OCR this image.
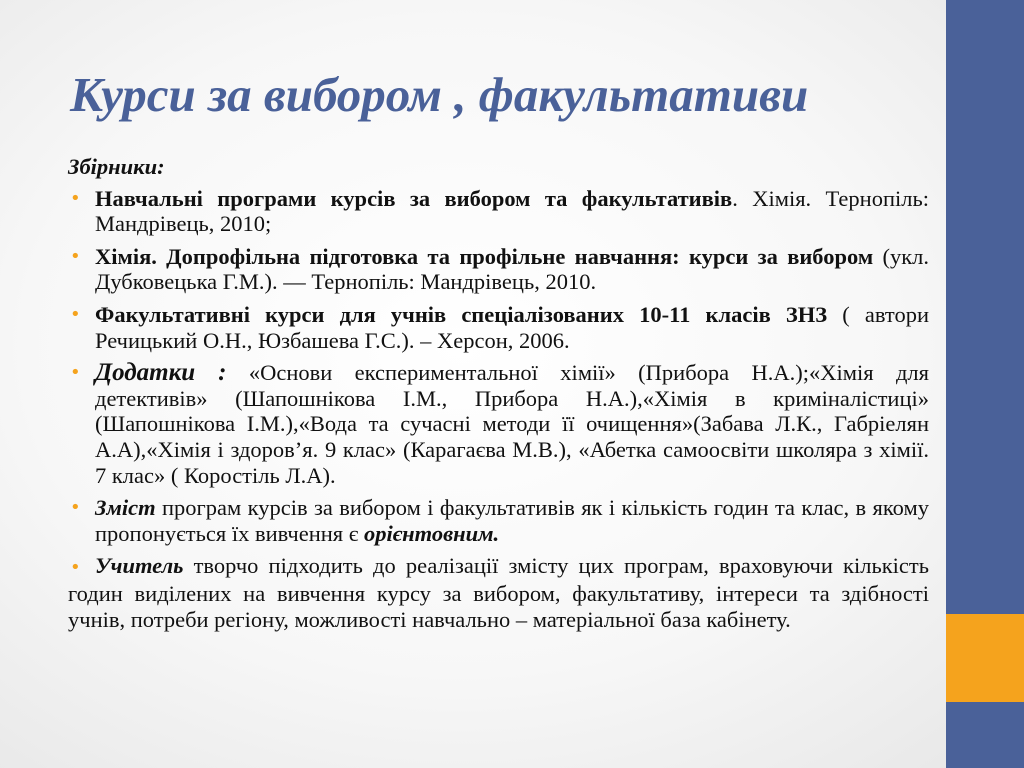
Курси за вибором , факультативи

Збірники:

• Навчальні програми курсів за вибором та факультативів. Хімія. Тернопіль: Мандрівець, 2010;

• Хімія. Допрофільна підготовка та профільне навчання: курси за вибором (укл. Дубковецька Г.М.). — Тернопіль: Мандрівець, 2010.

• Факультативні курси для учнів спеціалізованих 10-11 класів ЗНЗ ( автори Речицький О.Н., Юзбашева Г.С.). – Херсон, 2006.

• Додатки : «Основи експериментальної хімії» (Прибора Н.А.);«Хімія для детективів» (Шапошнікова І.М., Прибора Н.А.),«Хімія в криміналістиці» (Шапошнікова І.М.),«Вода та сучасні методи її очищення»(Забава Л.К., Габріелян А.А),«Хімія і здоров’я. 9 клас» (Карагаєва М.В.), «Абетка самоосвіти школяра з хімії. 7 клас» ( Коростіль Л.А).

• Зміст програм курсів за вибором і факультативів як і кількість годин та клас, в якому пропонується їх вивчення є орієнтовним.

• Учитель творчо підходить до реалізації змісту цих програм, враховуючи кількість годин виділених на вивчення курсу за вибором, факультативу, інтереси та здібності учнів, потреби регіону, можливості навчально – матеріальної база кабінету.
